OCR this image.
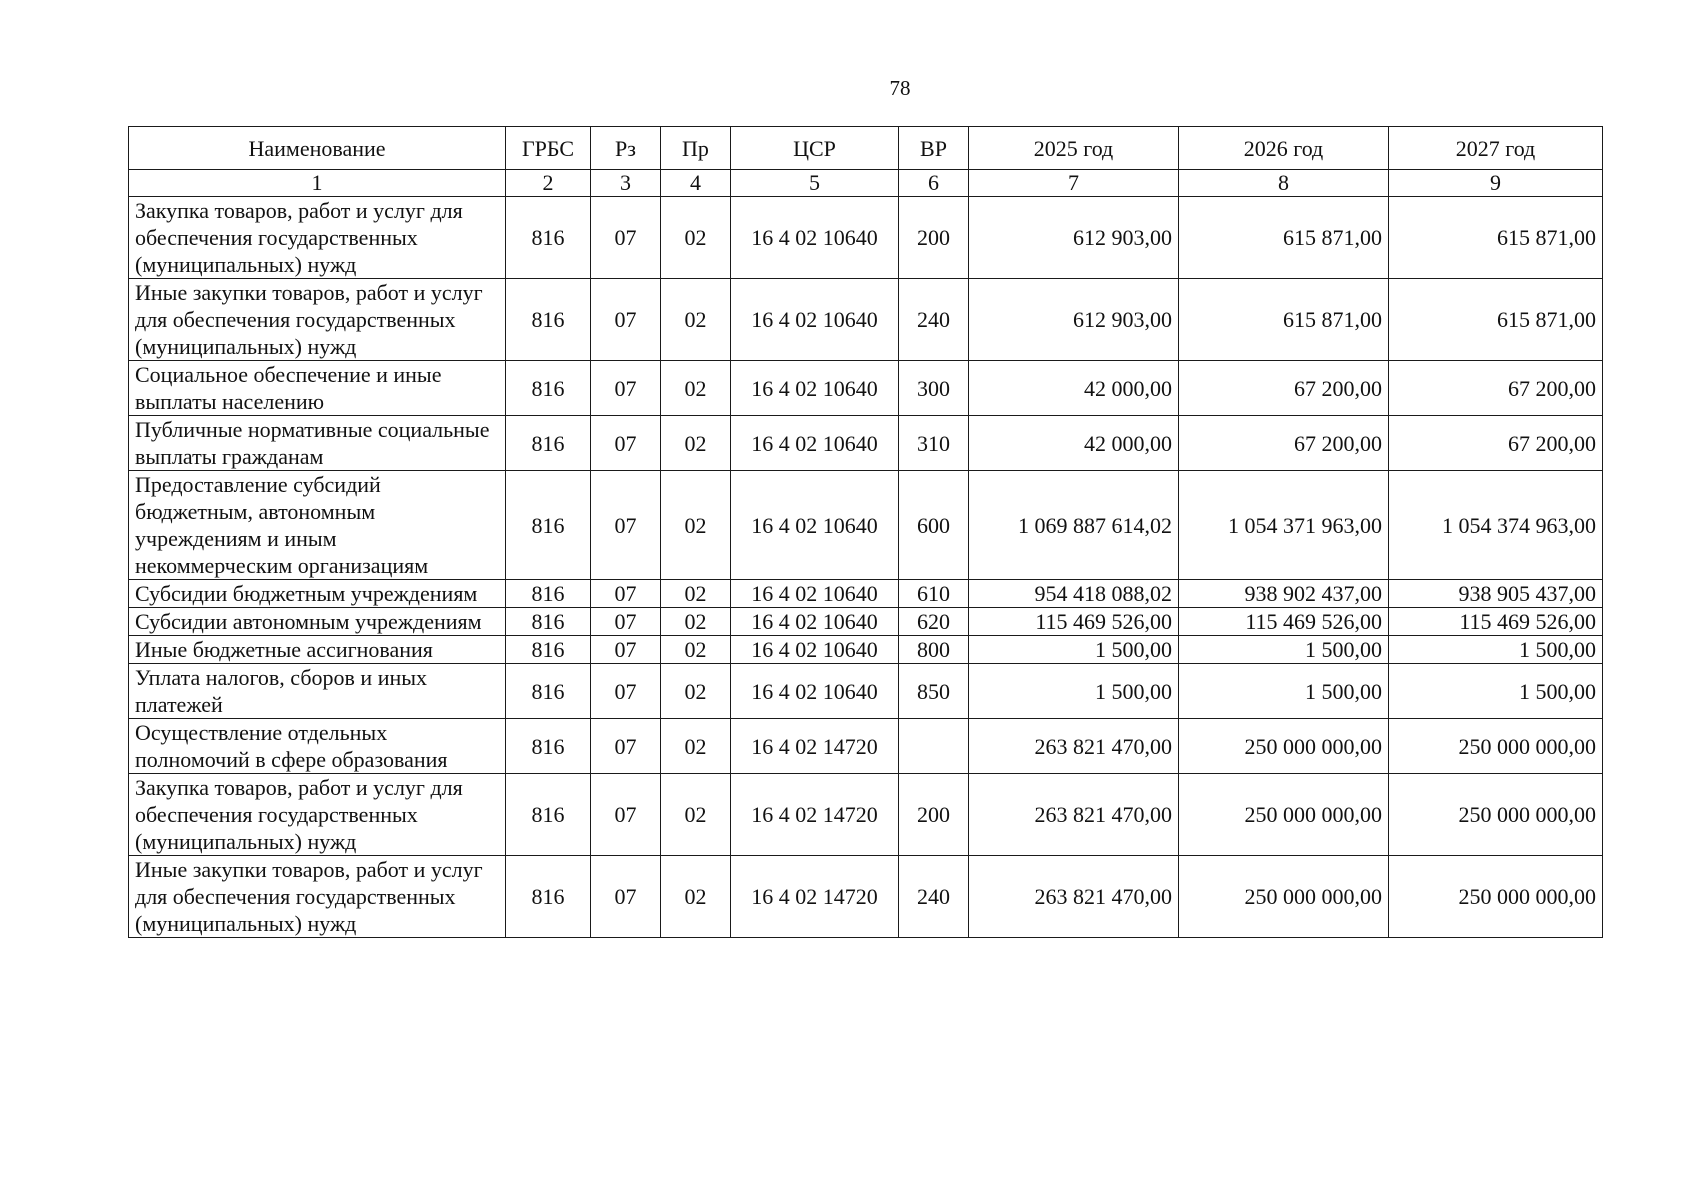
78
Наименование	ГРБС	Рз	Пр	ЦСР	ВР	2025 год	2026 год	2027 год
1	2	3	4	5	6	7	8	9
Закупка товаров, работ и услуг для обеспечения государственных (муниципальных) нужд	816	07	02	16 4 02 10640	200	612 903,00	615 871,00	615 871,00
Иные закупки товаров, работ и услуг для обеспечения государственных (муниципальных) нужд	816	07	02	16 4 02 10640	240	612 903,00	615 871,00	615 871,00
Социальное обеспечение и иные выплаты населению	816	07	02	16 4 02 10640	300	42 000,00	67 200,00	67 200,00
Публичные нормативные социальные выплаты гражданам	816	07	02	16 4 02 10640	310	42 000,00	67 200,00	67 200,00
Предоставление субсидий бюджетным, автономным учреждениям и иным некоммерческим организациям	816	07	02	16 4 02 10640	600	1 069 887 614,02	1 054 371 963,00	1 054 374 963,00
Субсидии бюджетным учреждениям	816	07	02	16 4 02 10640	610	954 418 088,02	938 902 437,00	938 905 437,00
Субсидии автономным учреждениям	816	07	02	16 4 02 10640	620	115 469 526,00	115 469 526,00	115 469 526,00
Иные бюджетные ассигнования	816	07	02	16 4 02 10640	800	1 500,00	1 500,00	1 500,00
Уплата налогов, сборов и иных платежей	816	07	02	16 4 02 10640	850	1 500,00	1 500,00	1 500,00
Осуществление отдельных полномочий в сфере образования	816	07	02	16 4 02 14720		263 821 470,00	250 000 000,00	250 000 000,00
Закупка товаров, работ и услуг для обеспечения государственных (муниципальных) нужд	816	07	02	16 4 02 14720	200	263 821 470,00	250 000 000,00	250 000 000,00
Иные закупки товаров, работ и услуг для обеспечения государственных (муниципальных) нужд	816	07	02	16 4 02 14720	240	263 821 470,00	250 000 000,00	250 000 000,00
